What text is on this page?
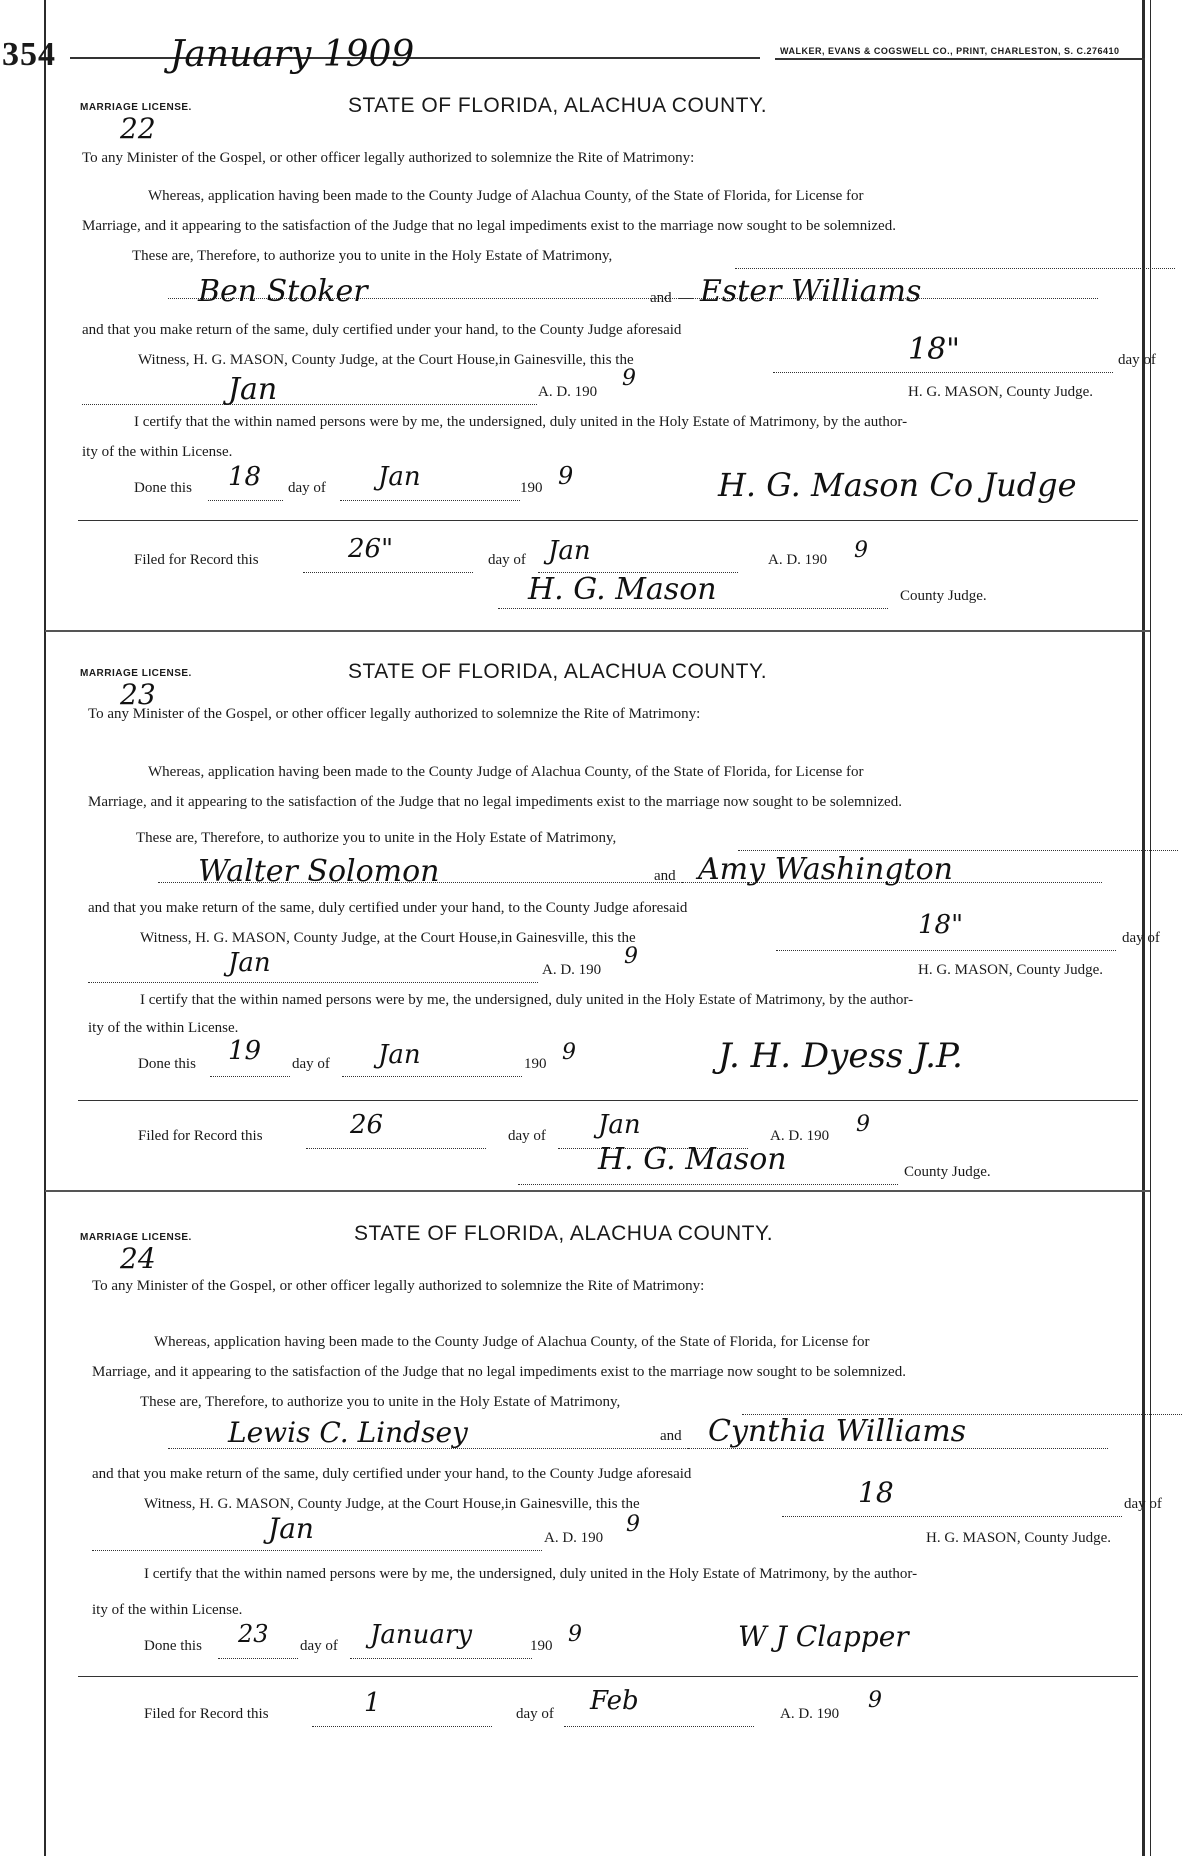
354	January 1909	WALKER, EVANS & COGSWELL CO., PRINT, CHARLESTON, S. C.276410
MARRIAGE LICENSE.
22
STATE OF FLORIDA, ALACHUA COUNTY.
To any Minister of the Gospel, or other officer legally authorized to solemnize the Rite of Matrimony:
Whereas, application having been made to the County Judge of Alachua County, of the State of Florida, for License for
Marriage, and it appearing to the satisfaction of the Judge that no legal impediments exist to the marriage now sought to be solemnized.
These are, Therefore, to authorize you to unite in the Holy Estate of Matrimony,
Ben Stoker	and Ester Williams
and that you make return of the same, duly certified under your hand, to the County Judge aforesaid
Witness, H. G. MASON, County Judge, at the Court House,in Gainesville, this the	18"	day of
Jan	A. D. 190
9
H. G. MASON, County Judge.
I certify that the within named persons were by me, the undersigned, duly united in the Holy Estate of Matrimony, by the author-
ity of the within License.
Done this 18 day of Jan	190 9	H. G. Mason Co Judge
Filed for Record this	26"	day of Jan	A. D. 190 9
H. G. Mason	County Judge.
MARRIAGE LICENSE.
23
STATE OF FLORIDA, ALACHUA COUNTY.
To any Minister of the Gospel, or other officer legally authorized to solemnize the Rite of Matrimony:
Whereas, application having been made to the County Judge of Alachua County, of the State of Florida, for License for
Marriage, and it appearing to the satisfaction of the Judge that no legal impediments exist to the marriage now sought to be solemnized.
These are, Therefore, to authorize you to unite in the Holy Estate of Matrimony,
Walter Solomon	and Amy Washington
and that you make return of the same, duly certified under your hand, to the County Judge aforesaid
Witness, H. G. MASON, County Judge, at the Court House,in Gainesville, this the	18"	day of
Jan	A. D. 190
9
H. G. MASON, County Judge.
I certify that the within named persons were by me, the undersigned, duly united in the Holy Estate of Matrimony, by the author-
ity of the within License.
Done this 19 day of Jan	190 9	J. H. Dyess J.P.
Filed for Record this	26	day of Jan	A. D. 190 9
H. G. Mason	County Judge.
MARRIAGE LICENSE.
24
STATE OF FLORIDA, ALACHUA COUNTY.
To any Minister of the Gospel, or other officer legally authorized to solemnize the Rite of Matrimony:
Whereas, application having been made to the County Judge of Alachua County, of the State of Florida, for License for
Marriage, and it appearing to the satisfaction of the Judge that no legal impediments exist to the marriage now sought to be solemnized.
These are, Therefore, to authorize you to unite in the Holy Estate of Matrimony,
Lewis C. Lindsey	and Cynthia Williams
and that you make return of the same, duly certified under your hand, to the County Judge aforesaid
Witness, H. G. MASON, County Judge, at the Court House,in Gainesville, this the	18	day of
Jan	A. D. 190
9
H. G. MASON, County Judge.
I certify that the within named persons were by me, the undersigned, duly united in the Holy Estate of Matrimony, by the author-
ity of the within License.
Done this 23 day of January	190 9	W J Clapper
Filed for Record this	1	day of Feb	A. D. 190
9
